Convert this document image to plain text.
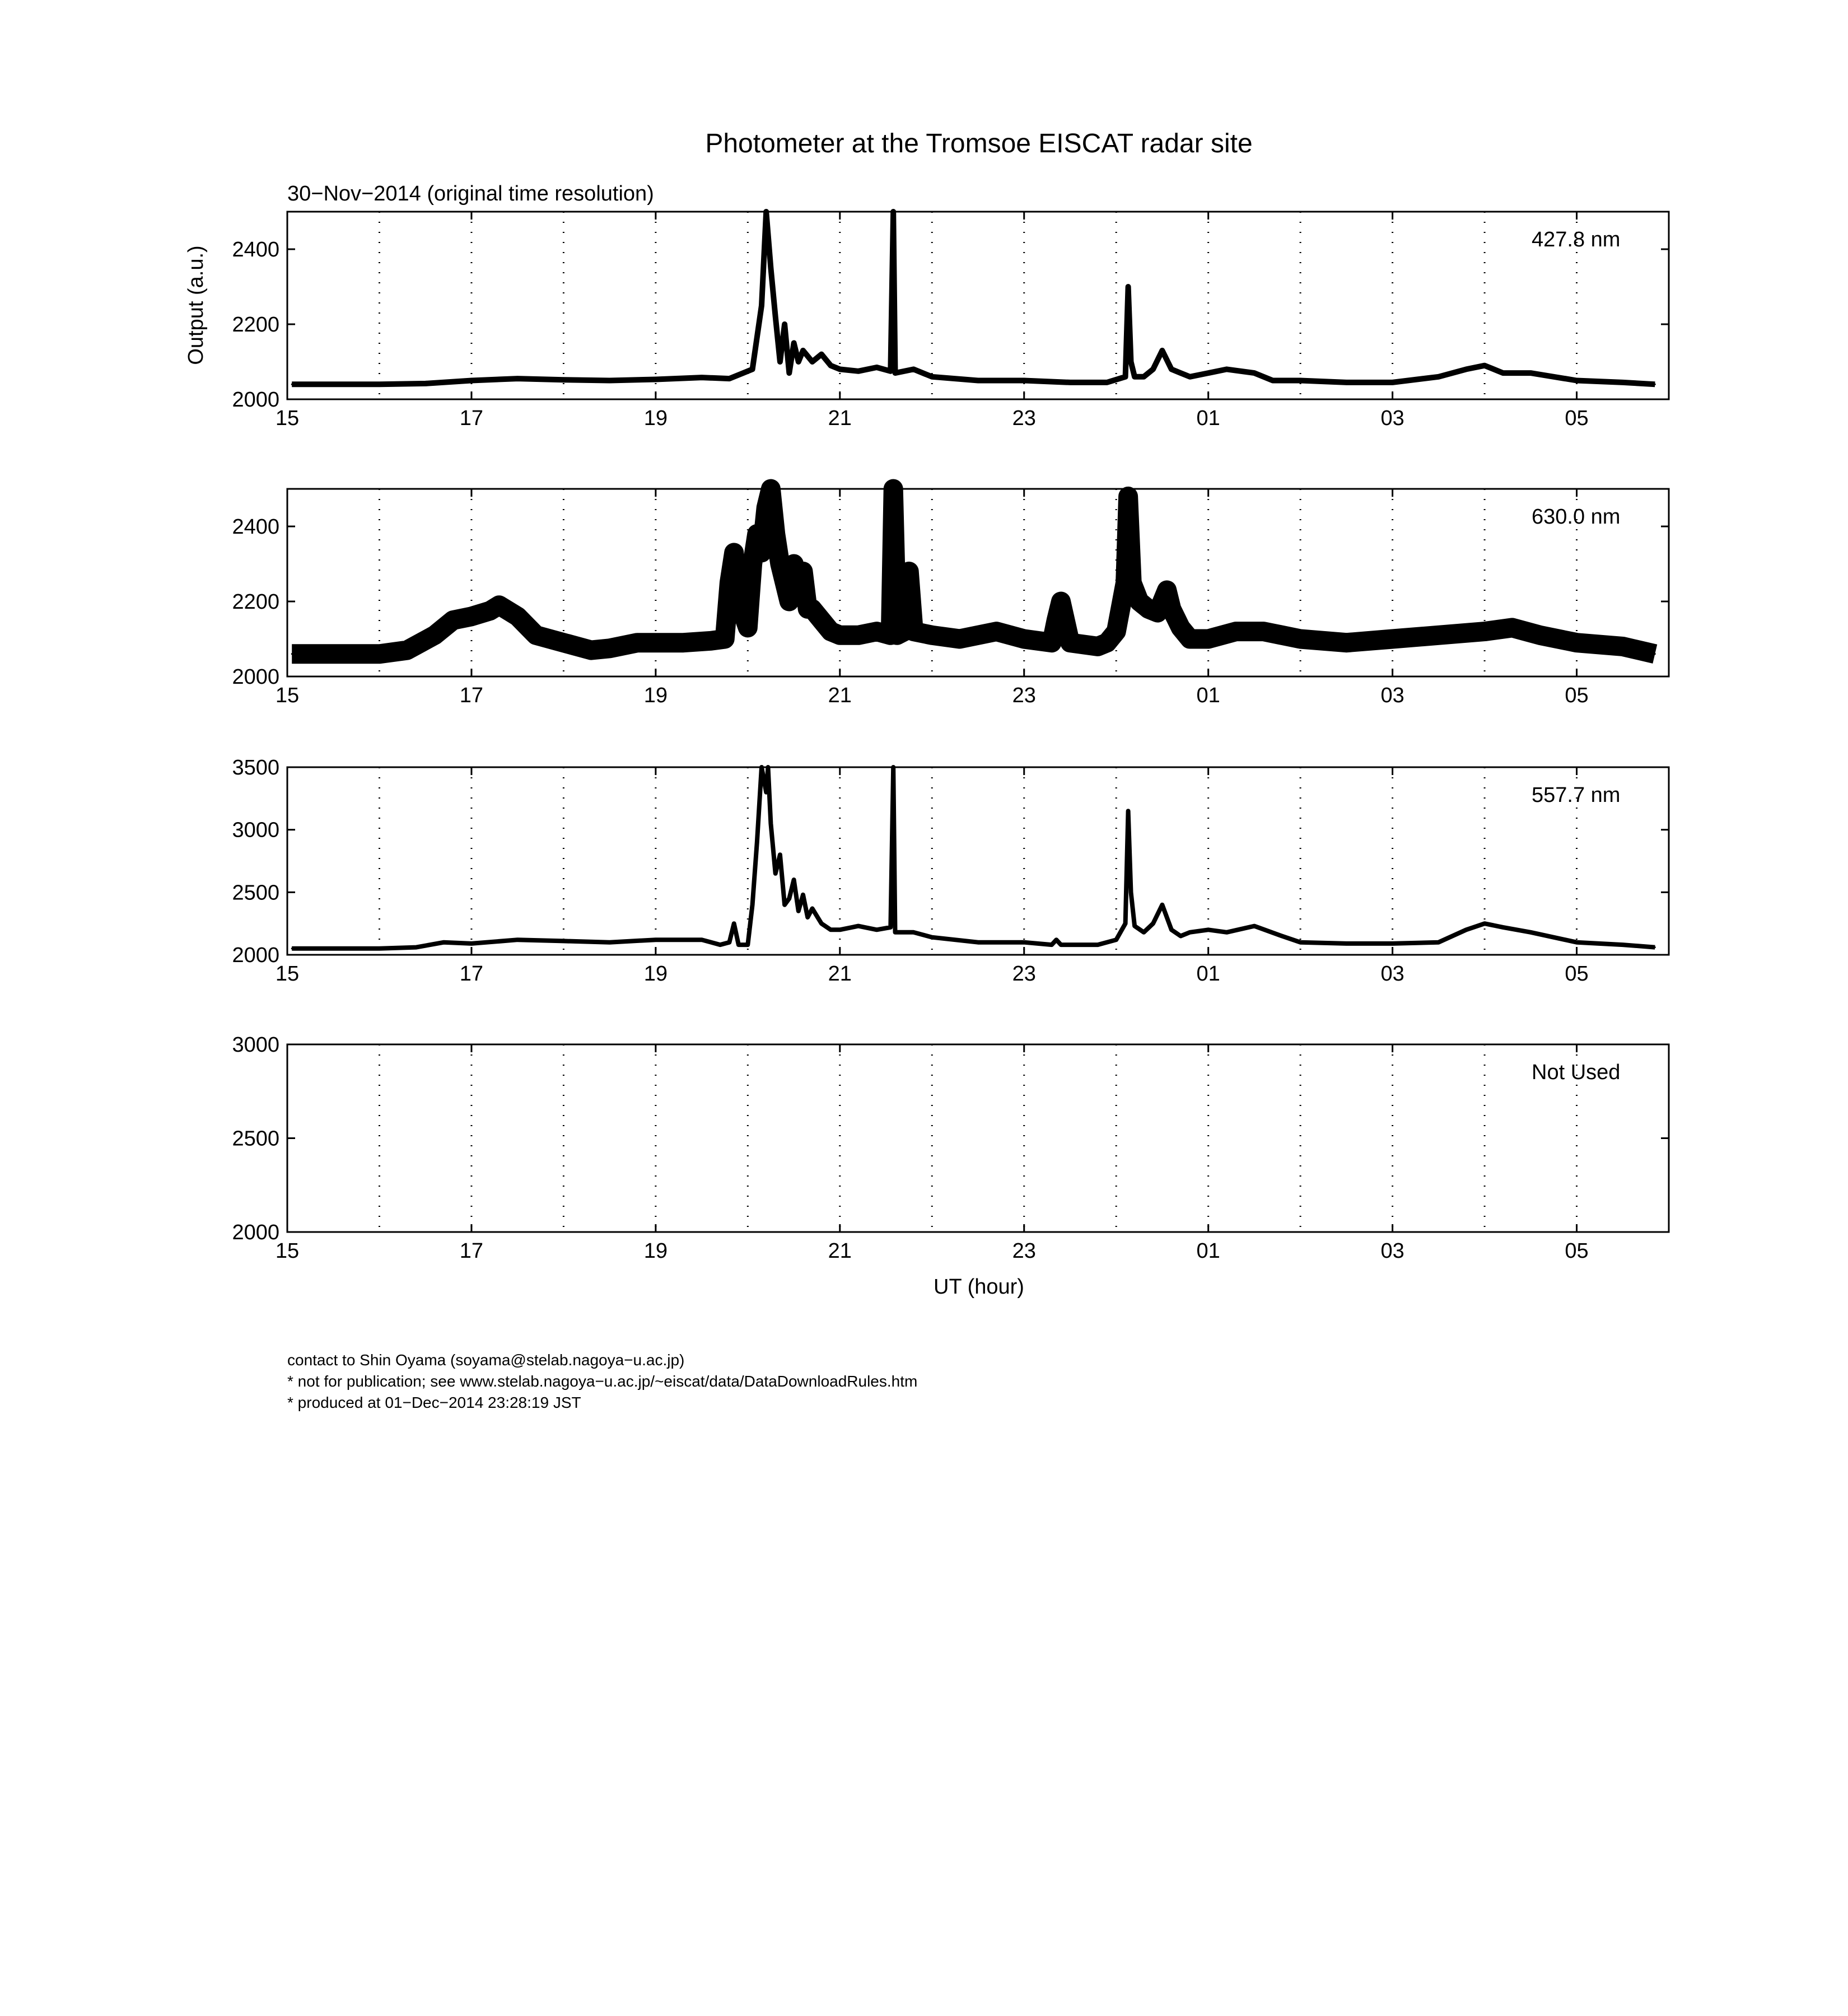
Photometer at the Tromsoe EISCAT radar site
30−Nov−2014 (original time resolution)
Output (a.u.)
UT (hour)
15	17	19	21	23	01	03	05
2000
2200
2400	427.8 nm
15	17	19	21	23	01	03	05
2000
2200
2400	630.0 nm
15	17	19	21	23	01	03	05
2000
2500
3000
3500
557.7 nm
15	17	19	21	23	01	03	05
2000
2500
3000
Not Used
contact to Shin Oyama (soyama@stelab.nagoya−u.ac.jp)
* not for publication; see www.stelab.nagoya−u.ac.jp/~eiscat/data/DataDownloadRules.htm
* produced at 01−Dec−2014 23:28:19 JST
